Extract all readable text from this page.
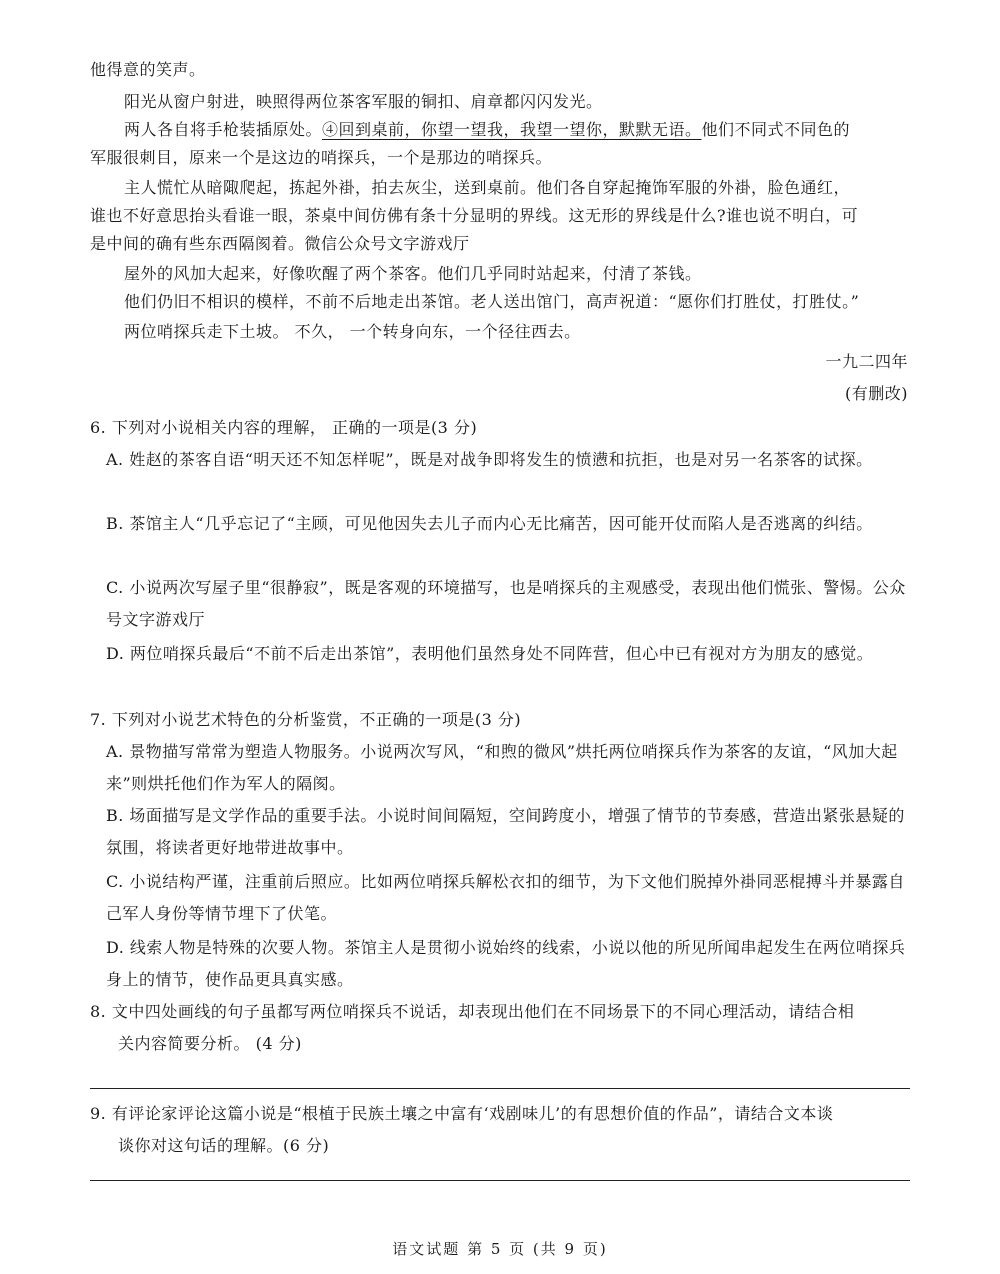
他得意的笑声。
阳光从窗户射进，映照得两位茶客军服的铜扣、肩章都闪闪发光。
两人各自将手枪装插原处。④回到桌前，你望一望我，我望一望你，默默无语。他们不同式不同色的
军服很刺目，原来一个是这边的哨探兵，一个是那边的哨探兵。
主人慌忙从暗陬爬起，拣起外褂，拍去灰尘，送到桌前。他们各自穿起掩饰军服的外褂，脸色通红，
谁也不好意思抬头看谁一眼，茶桌中间仿佛有条十分显明的界线。这无形的界线是什么?谁也说不明白，可
是中间的确有些东西隔阂着。微信公众号文字游戏厅
屋外的风加大起来，好像吹醒了两个茶客。他们几乎同时站起来，付清了茶钱。
他们仍旧不相识的模样，不前不后地走出茶馆。老人送出馆门，高声祝道：“愿你们打胜仗，打胜仗。”
两位哨探兵走下土坡。 不久， 一个转身向东，一个径往西去。
一九二四年
(有删改)
6. 下列对小说相关内容的理解， 正确的一项是(3 分)
A. 姓赵的茶客自语“明天还不知怎样呢”，既是对战争即将发生的愤懑和抗拒，也是对另一名茶客的试探。
B. 茶馆主人“几乎忘记了“主顾，可见他因失去儿子而内心无比痛苦，因可能开仗而陷人是否逃离的纠结。
C. 小说两次写屋子里“很静寂”，既是客观的环境描写，也是哨探兵的主观感受，表现出他们慌张、警惕。公众号文字游戏厅
D. 两位哨探兵最后“不前不后走出茶馆”，表明他们虽然身处不同阵营，但心中已有视对方为朋友的感觉。
7. 下列对小说艺术特色的分析鉴赏，不正确的一项是(3 分)
A. 景物描写常常为塑造人物服务。小说两次写风，“和煦的微风”烘托两位哨探兵作为茶客的友谊，“风加大起来”则烘托他们作为军人的隔阂。
B. 场面描写是文学作品的重要手法。小说时间间隔短，空间跨度小，增强了情节的节奏感，营造出紧张悬疑的氛围，将读者更好地带进故事中。
C. 小说结构严谨，注重前后照应。比如两位哨探兵解松衣扣的细节，为下文他们脱掉外褂同恶棍搏斗并暴露自己军人身份等情节埋下了伏笔。
D. 线索人物是特殊的次要人物。茶馆主人是贯彻小说始终的线索，小说以他的所见所闻串起发生在两位哨探兵身上的情节，使作品更具真实感。
8. 文中四处画线的句子虽都写两位哨探兵不说话，却表现出他们在不同场景下的不同心理活动，请结合相
关内容简要分析。 (4 分)
9. 有评论家评论这篇小说是“根植于民族土壤之中富有‘戏剧味儿’的有思想价值的作品”，请结合文本谈
谈你对这句话的理解。(6 分)
语文试题 第 5 页 (共 9 页)
